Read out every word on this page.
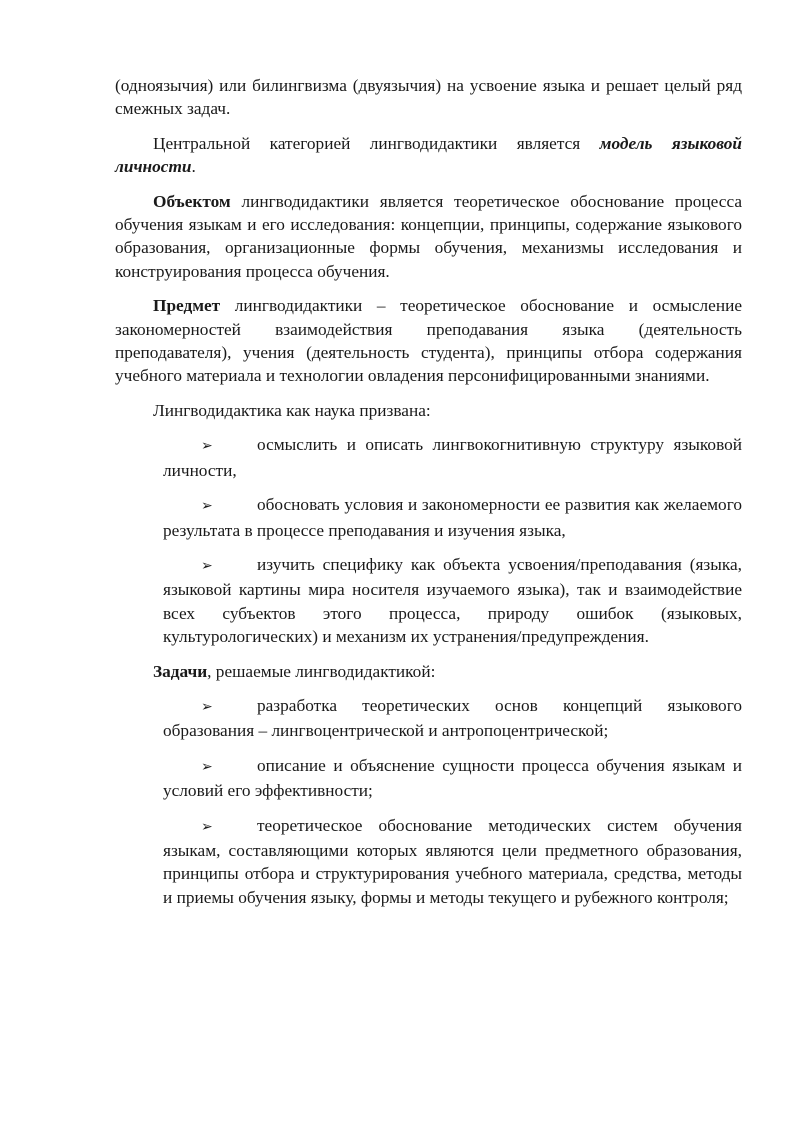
(одноязычия) или билингвизма (двуязычия) на усвоение языка и решает целый ряд смежных задач.

Центральной категорией лингводидактики является модель языковой личности.

Объектом лингводидактики является теоретическое обоснование процесса обучения языкам и его исследования: концепции, принципы, содержание языкового образования, организационные формы обучения, механизмы исследования и конструирования процесса обучения.

Предмет лингводидактики – теоретическое обоснование и осмысление закономерностей взаимодействия преподавания языка (деятельность преподавателя), учения (деятельность студента), принципы отбора содержания учебного материала и технологии овладения персонифицированными знаниями.

Лингводидактика как наука призвана:

➢	осмыслить и описать лингвокогнитивную структуру языковой личности,

➢	обосновать условия и закономерности ее развития как желаемого результата в процессе преподавания и изучения языка,

➢	изучить специфику как объекта усвоения/преподавания (языка, языковой картины мира носителя изучаемого языка), так и взаимодействие всех субъектов этого процесса, природу ошибок (языковых, культурологических) и механизм их устранения/предупреждения.

Задачи, решаемые лингводидактикой:

➢	разработка теоретических основ концепций языкового образования – лингвоцентрической и антропоцентрической;

➢	описание и объяснение сущности процесса обучения языкам и условий его эффективности;

➢	теоретическое обоснование методических систем обучения языкам, составляющими которых являются цели предметного образования, принципы отбора и структурирования учебного материала, средства, методы и приемы обучения языку, формы и методы текущего и рубежного контроля;
